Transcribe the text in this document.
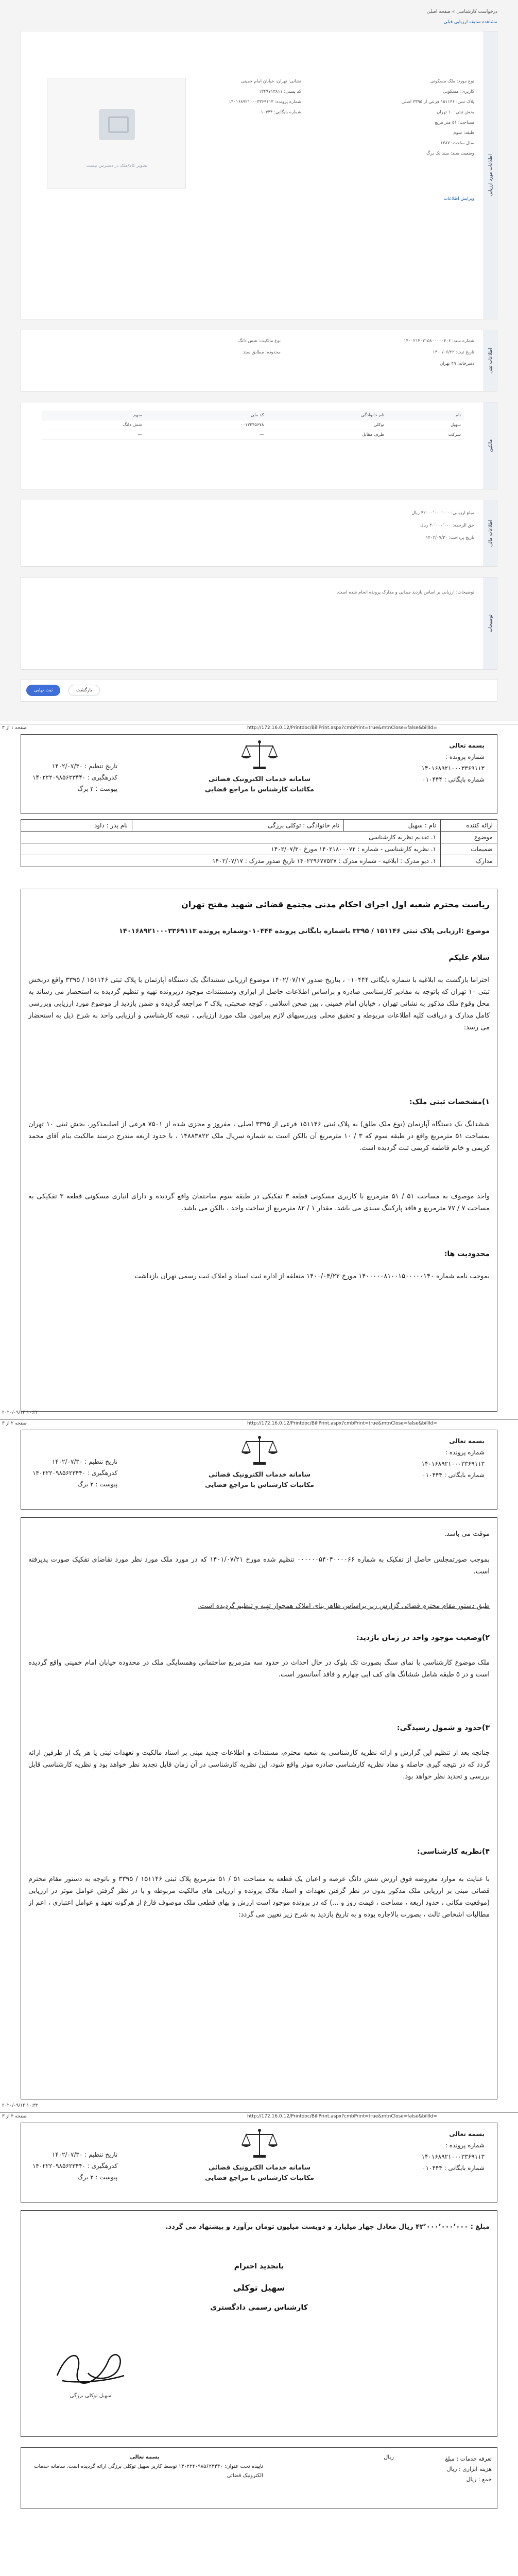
درخواست کارشناسی » صفحه اصلی
مشاهده سابقه ارزیابی قبلی
اطلاعات مورد ارزیابی
تصویر کالا/ملک در دسترس نیست
ویرایش اطلاعات
نوع مورد: ملک مسکونی
کاربری: مسکونی
پلاک ثبتی: ۱۵۱۱۴۶ فرعی از ۳۳۹۵ اصلی
بخش ثبتی: ۱۰ تهران
مساحت: ۵۱ متر مربع
طبقه: سوم
سال ساخت: ۱۳۸۷
وضعیت سند: سند تک برگ
نشانی: تهران، خیابان امام خمینی
کد پستی: ۱۳۴۹۷۱۳۸۱۱
شماره پرونده: ۱۴۰۱۶۸۹۲۱۰۰۰۳۳۶۹۱۱۳
شماره بایگانی: ۰۱۰۴۴۴
اطلاعات ثبتی
شماره سند: ۱۴۰۰۲۱۴۰۲۱۵۸۰۰۰۰۰۴۰۶
تاریخ ثبت: ۱۴۰۰/۰۶/۲۲
دفترخانه: ۴۹ تهران
نوع مالکیت: شش دانگ
محدوده: مطابق سند
مالکین
نام	نام خانوادگی	کد ملی	سهم
سهیل	توکلی	۰۰۱۲۳۴۵۶۷۸	شش دانگ
شرکت	طرف مقابل	—	—
اطلاعات مالی
مبلغ ارزیابی: ۴۲۰۰۰٬۰۰۰٬۰۰۰ ریال
حق الزحمه: ۴۰٬۰۰۰٬۰۰۰ ریال
تاریخ پرداخت: ۱۴۰۲/۰۷/۳۰
توضیحات
توضیحات: ارزیابی بر اساس بازدید میدانی و مدارک پرونده انجام شده است.
ثبت نهایی	بازگشت
صفحه ۱ از ۳	http://172.16.0.12/Printdoc/BillPrint.aspx?cmbPrint=true&mtnClose=false&billId=
تاریخ تنظیم : ۱۴۰۲/۰۷/۳۰
کدرهگیری : ۱۴۰۲۲۲۰۹۸۵۶۲۳۴۴۰
پیوست : ۲ برگ
سامانه خدمات الکترونیک قضائی
مکاتبات کارشناس با مراجع قضایی
بسمه تعالی
شماره پرونده :
۱۴۰۱۶۸۹۲۱۰۰۰۳۳۶۹۱۱۳
شماره بایگانی : ۰۱۰۴۴۴
ارائه کننده	نام : سهیل	نام خانوادگی : توکلی برزگی	نام پدر : داود
موضوع	۱. تقدیم نظریه کارشناسی		
ضمیمات	۱. نظریه کارشناسی - شماره : ۱۴۰۲۱۸۰۰۰۷۲ مورخ ۱۴۰۲/۰۷/۳۰		
مدارک	۱. دیو مدرک : ابلاغیه - شماره مدرک : ۱۴۰۲۲۹۶۷۷۵۲۷ تاریخ صدور مدرک : ۱۴۰۲/۰۷/۱۷		
ریاست محترم شعبه اول اجرای احکام مدنی مجتمع قضائی شهید مفتح تهران
موضوع :ارزیابی پلاک ثبتی ۱۵۱۱۴۶ / ۳۳۹۵ باشماره بایگانی پرونده ۰۱۰۴۴۴وشماره پرونده ۱۴۰۱۶۸۹۲۱۰۰۰۳۳۶۹۱۱۳
سلام علیکم
احتراما بازگشت به ابلاغیه با شماره بایگانی ۰۱۰۴۴۴ ، بتاریخ صدور ۱۴۰۲/۰۷/۱۷ موضوع ارزیابی ششدانگ یک دستگاه آپارتمان با پلاک ثبتی ۱۵۱۱۴۶ / ۳۳۹۵ واقع دربخش ثبتی ۱۰ تهران که باتوجه به مقادیر کارشناسی صادره و براساس اطلاعات حاصل از ابرازی وسستندات موجود درپرونده تهیه و تنظیم گردیده به استحضار می رساند به محل وقوع ملک مذکور به نشانی تهران ، خیابان امام خمینی ، بین صحن اسلامی ، کوچه صحبتی، پلاک ۳ مراجعه گردیده و ضمن بازدید از موضوع مورد ارزیابی وبررسی کامل مدارک و دریافت کلیه اطلاعات مربوطه و تحقیق محلی وبررسیهای لازم پیرامون ملک مورد ارزیابی ، نتیجه کارشناسی و ارزیابی واحد به شرح ذیل به استحضار می رسد:
۱)مشخصات ثبتی ملک:
ششدانگ یک دستگاه آپارتمان (نوع ملک طلق) به پلاک ثبتی ۱۵۱۱۴۶ فرعی از ۳۳۹۵ اصلی ، مفروز و مجزی شده از ۷۵۰۱ فرعی از اصلیمذکور، بخش ثبتی ۱۰ تهران بمساحت ۵۱ مترمربع واقع در طبقه سوم که ۳ / ۱۰ مترمربع آن بالکن است به شماره سریال ملک ۱۴۸۸۳۸۲۲ ، با حدود اربعه مندرج درسند مالکیت بنام آقای محمد کریمی و خانم فاطمه کریمی ثبت گردیده است.
واحد موصوف به مساحت ۵۱ / ۵۱ مترمربع با کاربری مسکونی قطعه ۳ تفکیکی در طبقه سوم ساختمان واقع گردیده و دارای انباری مسکونی قطعه ۳ تفکیکی به مساحت ۷ / ۷۷ مترمربع و فاقد پارکینگ سندی می باشد. مقدار ۱ / ۸۲ مترمربع از ساخت واحد ، بالکن می باشد.
محدودیت ها:
بموجب نامه شماره ۱۴۰۰۰۰۰۸۱۰۰۱۵۰۰۰۰۰۱۴۰ مورخ ۱۴۰۰/۰۴/۲۲ متعلقه از اداره ثبت اسناد و املاک ثبت رسمی تهران بازداشت
۲۰۲۰/۰۹/۱۴ ۱۰:۳۲
صفحه ۲ از ۳	http://172.16.0.12/Printdoc/BillPrint.aspx?cmbPrint=true&mtnClose=false&billId=
تاریخ تنظیم : ۱۴۰۲/۰۷/۳۰
کدرهگیری : ۱۴۰۲۲۲۰۹۸۵۶۲۳۴۴۰
پیوست : ۲ برگ
سامانه خدمات الکترونیک قضائی
مکاتبات کارشناس با مراجع قضایی
بسمه تعالی
شماره پرونده :
۱۴۰۱۶۸۹۲۱۰۰۰۳۳۶۹۱۱۳
شماره بایگانی : ۰۱۰۴۴۴
موقت می باشد.
بموجب صورتمجلس حاصل از تفکیک به شماره ۰۰۰۰۰۰۵۴۰۴۰۰۰۰۶۶ تنظیم شده مورخ ۱۴۰۱/۰۷/۲۱ که در مورد ملک مورد نظر مورد تقاضای تفکیک صورت پذیرفته است.
طبق دستور مقام محترم قضائی گزارش زیر براساس ظاهر بنای املاک همجوار تهیه و تنظیم گردیده است.
۲)وضعیت موجود واحد در زمان بازدید:
ملک موضوع کارشناسی با نمای سنگ بصورت تک بلوک در حال احداث در حدود سه مترمربع ساختمانی وهمسایگی ملک در محدوده خیابان امام خمینی واقع گردیده است و در ۵ طبقه شامل ششانگ های کف ایی چهارم و فاقد آسانسور است.
۳)حدود و شمول رسیدگی:
جنانچه بعد از تنظیم این گزارش و ارائه نظریه کارشناسی به شعبه محترم، مستندات و اطلاعات جدید مبنی بر اسناد مالکیت و تعهدات ثبتی یا هر یک از طرفین ارائه گردد که در نتیجه گیری حاصله و مفاد نظریه کارشناسی صادره موثر واقع شود، این نظریه کارشناسی در آن زمان قابل تجدید نظر خواهد بود و نظریه کارشناسی قابل بررسی و تجدید نظر خواهد بود.
۴)نظریه کارشناسی:
با عنایت به موارد معروضه فوق ارزش شش دانگ عرصه و اعیان یک قطعه به مساحت ۵۱ / ۵۱ مترمربع پلاک ثبتی ۱۵۱۱۴۶ / ۳۳۹۵ و باتوجه به دستور مقام محترم قضائی مبنی بر ارزیابی ملک مذکور بدون در نظر گرفتن تعهدات و اسناد ملاک پرونده و ارزیابی های مالکیت مربوطه و با در نظر گرفتن عوامل موثر در ارزیابی (موقعیت مکانی ، حدود اربعه ، مساحت ، قیمت روز و ...) که در پرونده موجود است ارزش و بهای قطعی ملک موصوف فارغ از هرگونه تعهد و عوامل اعتباری ، اعم از مطالبات اشخاص ثالث ، بصورت بالاجاره بوده و به تاریخ بازدید به شرح زیر تعیین می گردد:
۲۰۲۰/۰۹/۱۴ ۱۰:۳۲
صفحه ۳ از ۳	http://172.16.0.12/Printdoc/BillPrint.aspx?cmbPrint=true&mtnClose=false&billId=
تاریخ تنظیم : ۱۴۰۲/۰۷/۳۰
کدرهگیری : ۱۴۰۲۲۲۰۹۸۵۶۲۳۴۴۰
پیوست : ۲ برگ
سامانه خدمات الکترونیک قضائی
مکاتبات کارشناس با مراجع قضایی
بسمه تعالی
شماره پرونده :
۱۴۰۱۶۸۹۲۱۰۰۰۳۳۶۹۱۱۳
شماره بایگانی : ۰۱۰۴۴۴
مبلغ : ۴۲٬۰۰۰٬۰۰۰٬۰۰۰ ریال معادل چهار میلیارد و دویست میلیون تومان برآورد و پیشنهاد می گردد.
باتجدید احترام
سهیل توکلی
کارشناس رسمی دادگستری
سهیل توکلی برزگی
تعرفه خدمات : مبلغ
هزینه ابزاری : ریال
جمع : ریال
ریال
بسمه تعالی
تاییده تحت عنوان: ۱۴۰۲۲۲۰۹۸۵۶۲۳۴۴۰ توسط کاربر سهیل توکلی برزگی ارائه گردیده است. سامانه خدمات الکترونیک قضائی
